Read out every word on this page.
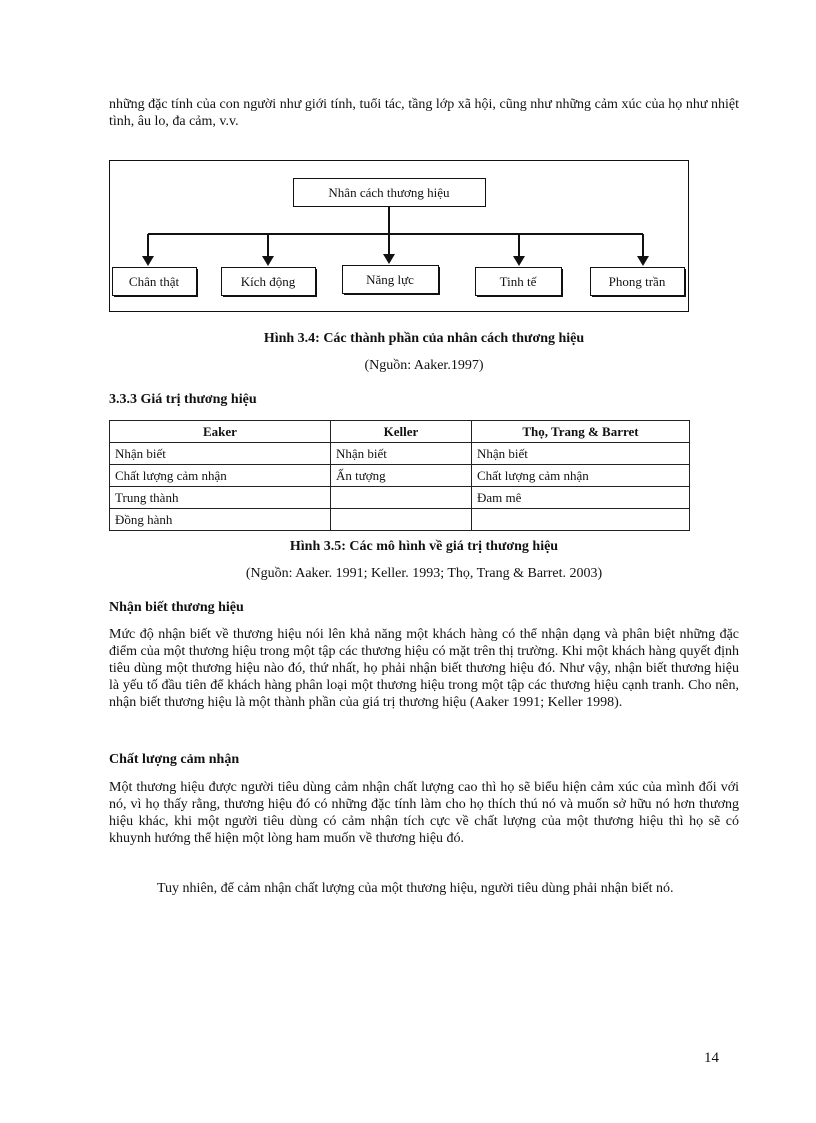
những đặc tính của con người như giới tính, tuổi tác, tầng lớp xã hội, cũng như những cảm xúc của họ như nhiệt tình, âu lo, đa cảm, v.v.

Nhân cách thương hiệu
Chân thật	Kích động	Năng lực	Tinh tế	Phong trần

Hình 3.4: Các thành phần của nhân cách thương hiệu

(Nguồn: Aaker.1997)

3.3.3 Giá trị thương hiệu

Eaker	Keller	Thọ, Trang & Barret
Nhận biết	Nhận biết	Nhận biết
Chất lượng cảm nhận	Ấn tượng	Chất lượng cảm nhận
Trung thành		Đam mê
Đồng hành		

Hình 3.5: Các mô hình về giá trị thương hiệu

(Nguồn: Aaker. 1991; Keller. 1993; Thọ, Trang & Barret. 2003)

Nhận biết thương hiệu

Mức độ nhận biết về thương hiệu nói lên khả năng một khách hàng có thể nhận dạng và phân biệt những đặc điểm của một thương hiệu trong một tập các thương hiệu có mặt trên thị trường. Khi một khách hàng quyết định tiêu dùng một thương hiệu nào đó, thứ nhất, họ phải nhận biết thương hiệu đó. Như vậy, nhận biết thương hiệu là yếu tố đầu tiên để khách hàng phân loại một thương hiệu trong một tập các thương hiệu cạnh tranh. Cho nên, nhận biết thương hiệu là một thành phần của giá trị thương hiệu (Aaker 1991; Keller 1998).

Chất lượng cảm nhận

Một thương hiệu được người tiêu dùng cảm nhận chất lượng cao thì họ sẽ biểu hiện cảm xúc của mình đối với nó, vì họ thấy rằng, thương hiệu đó có những đặc tính làm cho họ thích thú nó và muốn sở hữu nó hơn thương hiệu khác, khi một người tiêu dùng có cảm nhận tích cực về chất lượng của một thương hiệu thì họ sẽ có khuynh hướng thể hiện một lòng ham muốn về thương hiệu đó.

Tuy nhiên, để cảm nhận chất lượng của một thương hiệu, người tiêu dùng phải nhận biết nó.

14
